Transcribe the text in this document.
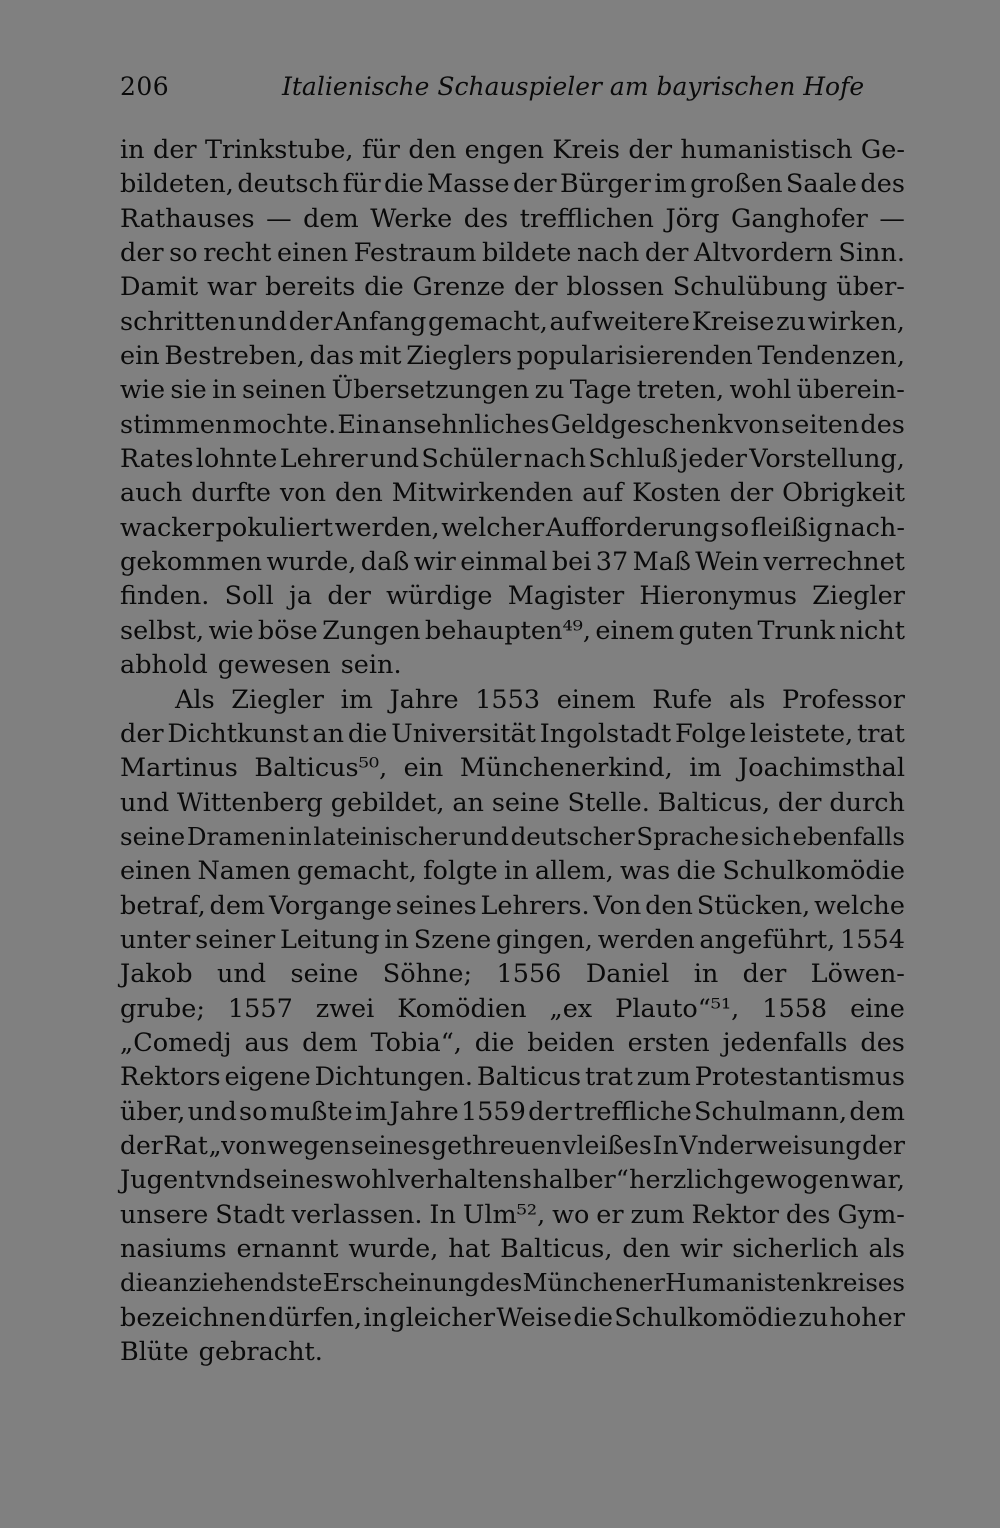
206	Italienische Schauspieler am bayrischen Hofe
in der Trinkstube, für den engen Kreis der humanistisch Ge-
bildeten, deutsch für die Masse der Bürger im großen Saale des
Rathauses — dem Werke des trefflichen Jörg Ganghofer —
der so recht einen Festraum bildete nach der Altvordern Sinn.
Damit war bereits die Grenze der blossen Schulübung über-
schritten und der Anfang gemacht, auf weitere Kreise zu wirken,
ein Bestreben, das mit Zieglers popularisierenden Tendenzen,
wie sie in seinen Übersetzungen zu Tage treten, wohl überein-
stimmen mochte. Ein ansehnliches Geldgeschenk von seiten des
Rates lohnte Lehrer und Schüler nach Schluß jeder Vorstellung,
auch durfte von den Mitwirkenden auf Kosten der Obrigkeit
wacker pokuliert werden, welcher Aufforderung so fleißig nach-
gekommen wurde, daß wir einmal bei 37 Maß Wein verrechnet
finden. Soll ja der würdige Magister Hieronymus Ziegler
selbst, wie böse Zungen behaupten⁴⁹, einem guten Trunk nicht
abhold gewesen sein.
Als Ziegler im Jahre 1553 einem Rufe als Professor
der Dichtkunst an die Universität Ingolstadt Folge leistete, trat
Martinus Balticus⁵⁰, ein Münchenerkind, im Joachimsthal
und Wittenberg gebildet, an seine Stelle. Balticus, der durch
seine Dramen in lateinischer und deutscher Sprache sich ebenfalls
einen Namen gemacht, folgte in allem, was die Schulkomödie
betraf, dem Vorgange seines Lehrers. Von den Stücken, welche
unter seiner Leitung in Szene gingen, werden angeführt, 1554
Jakob und seine Söhne; 1556 Daniel in der Löwen-
grube; 1557 zwei Komödien „ex Plauto“⁵¹, 1558 eine
„Comedj aus dem Tobia“, die beiden ersten jedenfalls des
Rektors eigene Dichtungen. Balticus trat zum Protestantismus
über, und so mußte im Jahre 1559 der treffliche Schulmann, dem
der Rat „von wegen seines gethreuen vleißes In Vnderweisung der
Jugent vnd seines wohlverhaltens halber“ herzlich gewogen war,
unsere Stadt verlassen. In Ulm⁵², wo er zum Rektor des Gym-
nasiums ernannt wurde, hat Balticus, den wir sicherlich als
die anziehendste Erscheinung des Münchener Humanistenkreises
bezeichnen dürfen, in gleicher Weise die Schulkomödie zu hoher
Blüte gebracht.
